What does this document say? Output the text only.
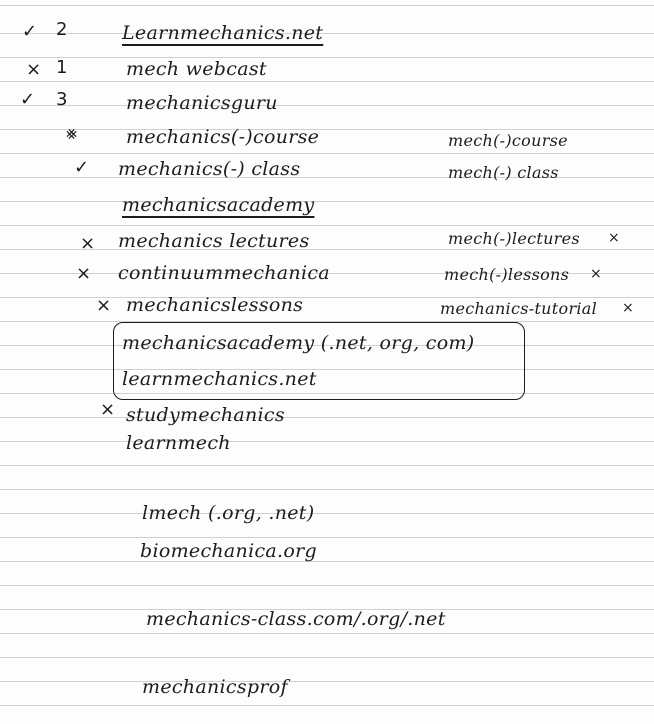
✓ 2
× 1
✓ 3
⨳
✓
×
×
×
×
Learnmechanics.net
mech webcast
mechanicsguru
mechanics(-)course
mechanics(-) class
mechanicsacademy
mechanics lectures
continuummechanica
mechanicslessons
mechanicsacademy (.net, org, com)
learnmechanics.net
studymechanics
learnmech
lmech (.org, .net)
biomechanica.org
mechanics-class.com/.org/.net
mechanicsprof
mech(-)course
mech(-) class
mech(-)lectures ×
mech(-)lessons ×
mechanics-tutorial ×
